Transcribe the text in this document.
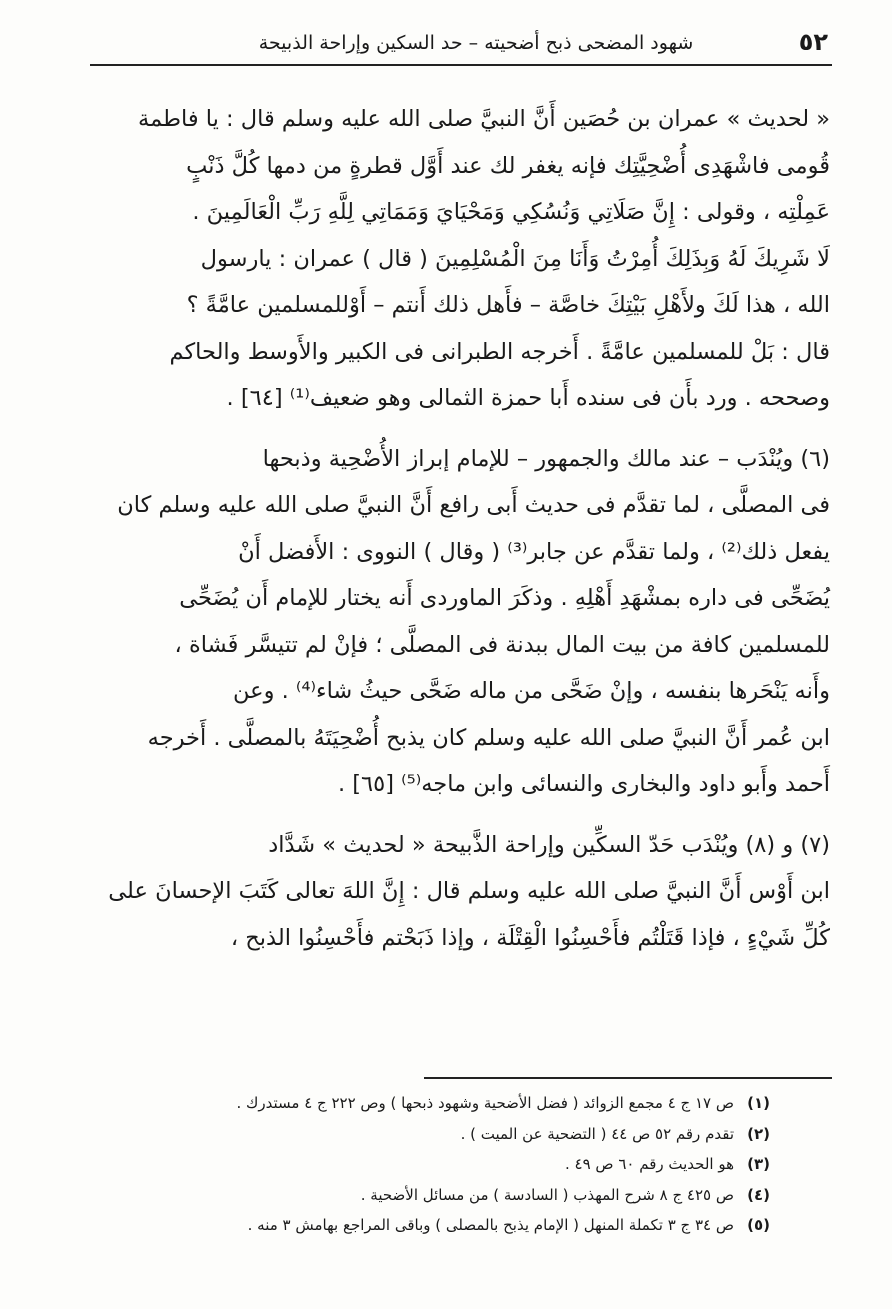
٥٢
شهود المضحى ذبح أضحيته – حد السكين وإراحة الذبيحة

« لحديث » عمران بن حُصَين أَنَّ النبيَّ صلى الله عليه وسلم قال : يا فاطمة

قُومى فاشْهَدِى أُضْحِيَّتِك فإنه يغفر لك عند أَوَّل قطرةٍ من دمها كُلَّ ذَنْبٍ

عَمِلْتِه ، وقولى : إِنَّ صَلَاتِي وَنُسُكِي وَمَحْيَايَ وَمَمَاتِي لِلَّهِ رَبِّ الْعَالَمِينَ .

لَا شَرِيكَ لَهُ وَبِذَلِكَ أُمِرْتُ وَأَنَا مِنَ الْمُسْلِمِينَ ( قال ) عمران : يارسول

الله ، هذا لَكَ ولأَهْلِ بَيْتِكَ خاصَّة – فأَهل ذلك أَنتم – أَوْللمسلمين عامَّةً ؟

قال : بَلْ للمسلمين عامَّةً . أَخرجه الطبرانى فى الكبير والأَوسط والحاكم

وصححه . ورد بأَن فى سنده أَبا حمزة الثمالى وهو ضعيف⁽¹⁾ [٦٤] .

(٦) ويُنْدَب – عند مالك والجمهور – للإمام إبراز الأُضْحِية وذبحها

فى المصلَّى ، لما تقدَّم فى حديث أَبى رافع أَنَّ النبيَّ صلى الله عليه وسلم كان

يفعل ذلك⁽²⁾ ، ولما تقدَّم عن جابر⁽³⁾ ( وقال ) النووى : الأَفضل أَنْ

يُضَحِّى فى داره بمشْهَدِ أَهْلِهِ . وذكَرَ الماوردى أَنه يختار للإمام أَن يُضَحِّى

للمسلمين كافة من بيت المال ببدنة فى المصلَّى ؛ فإنْ لم تتيسَّر فَشاة ،

وأَنه يَنْحَرها بنفسه ، وإنْ ضَحَّى من ماله ضَحَّى حيثُ شاء⁽⁴⁾ . وعن

ابن عُمر أَنَّ النبيَّ صلى الله عليه وسلم كان يذبح أُضْحِيَتَهُ بالمصلَّى . أَخرجه

أَحمد وأَبو داود والبخارى والنسائى وابن ماجه⁽⁵⁾ [٦٥] .

(٧) و (٨) ويُنْدَب حَدّ السكِّين وإراحة الذَّبيحة « لحديث » شَدَّاد

ابن أَوْس أَنَّ النبيَّ صلى الله عليه وسلم قال : إِنَّ اللهَ تعالى كَتَبَ الإحسانَ على

كُلِّ شَيْءٍ ، فإذا قَتَلْتُم فأَحْسِنُوا الْقِتْلَة ، وإذا ذَبَحْتم فأَحْسِنُوا الذبح ،

(١)ص ١٧ ج ٤ مجمع الزوائد ( فضل الأضحية وشهود ذبحها ) وص ٢٢٢ ج ٤ مستدرك .

(٢)تقدم رقم ٥٢ ص ٤٤ ( التضحية عن الميت ) .

(٣)هو الحديث رقم ٦٠ ص ٤٩ .

(٤)ص ٤٢٥ ج ٨ شرح المهذب ( السادسة ) من مسائل الأضحية .

(٥)ص ٣٤ ج ٣ تكملة المنهل ( الإمام يذبح بالمصلى ) وباقى المراجع بهامش ٣ منه .
